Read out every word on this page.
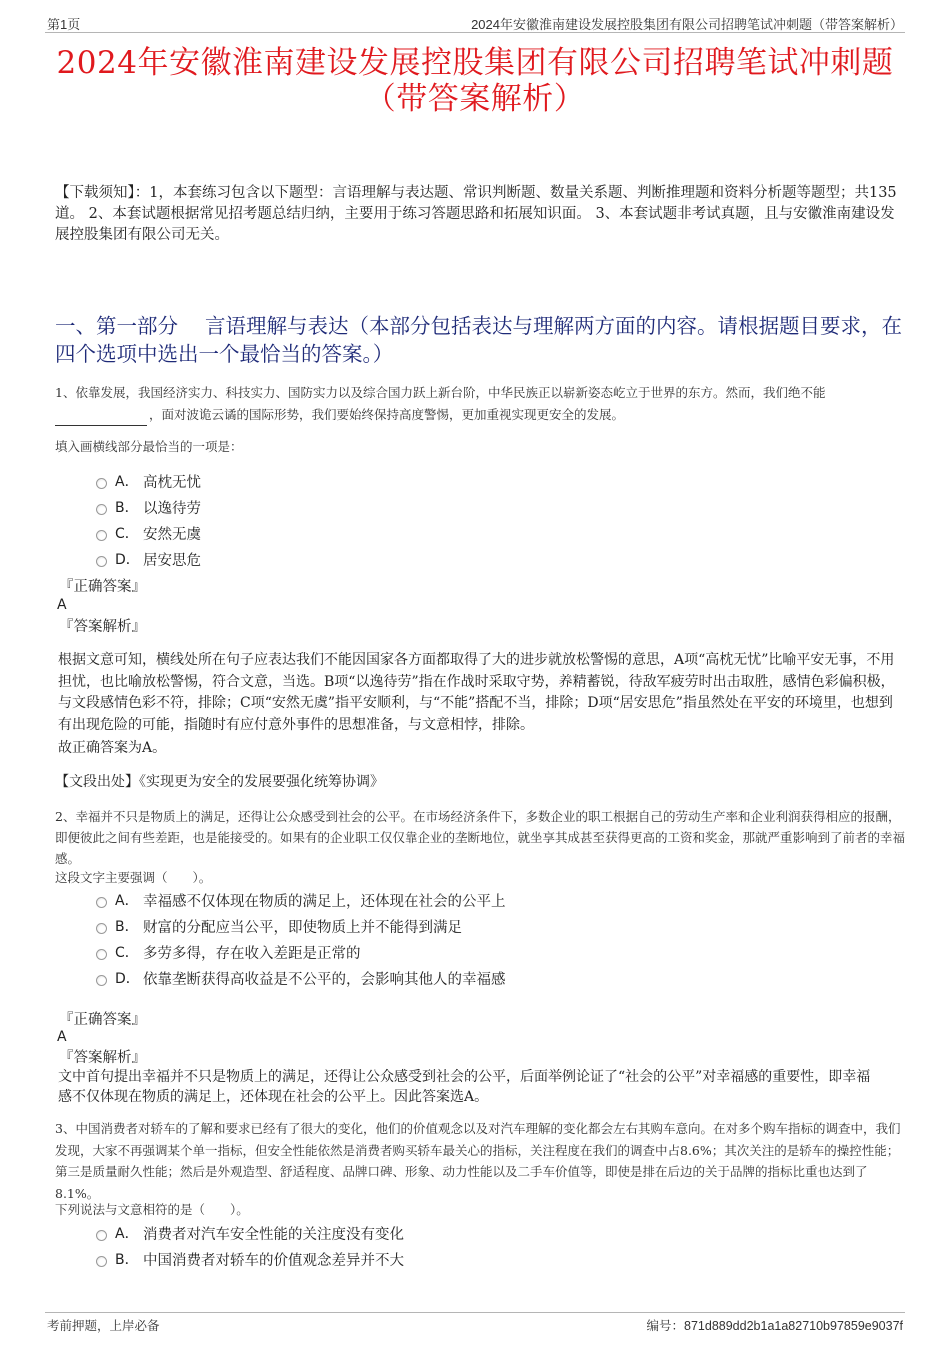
第1页	2024年安徽淮南建设发展控股集团有限公司招聘笔试冲刺题（带答案解析）
2024年安徽淮南建设发展控股集团有限公司招聘笔试冲刺题
（带答案解析）
【下载须知】：1，本套练习包含以下题型：言语理解与表达题、常识判断题、数量关系题、判断推理题和资料分析题等题型；共135道。 2、本套试题根据常见招考题总结归纳，主要用于练习答题思路和拓展知识面。 3、本套试题非考试真题，且与安徽淮南建设发展控股集团有限公司无关。
一、第一部分　 言语理解与表达（本部分包括表达与理解两方面的内容。请根据题目要求，在四个选项中选出一个最恰当的答案。）
1、依靠发展，我国经济实力、科技实力、国防实力以及综合国力跃上新台阶，中华民族正以崭新姿态屹立于世界的东方。然而，我们绝不能
，面对波诡云谲的国际形势，我们要始终保持高度警惕，更加重视实现更安全的发展。
填入画横线部分最恰当的一项是：
A． 高枕无忧
B． 以逸待劳
C． 安然无虞
D． 居安思危
『正确答案』
A
『答案解析』
根据文意可知，横线处所在句子应表达我们不能因国家各方面都取得了大的进步就放松警惕的意思，A项“高枕无忧”比喻平安无事，不用担忧，也比喻放松警惕，符合文意，当选。B项“以逸待劳”指在作战时采取守势，养精蓄锐，待敌军疲劳时出击取胜，感情色彩偏积极，与文段感情色彩不符，排除；C项“安然无虞”指平安顺利，与“不能”搭配不当，排除；D项“居安思危”指虽然处在平安的环境里，也想到有出现危险的可能，指随时有应付意外事件的思想准备，与文意相悖，排除。
故正确答案为A。
【文段出处】《实现更为安全的发展要强化统筹协调》
2、幸福并不只是物质上的满足，还得让公众感受到社会的公平。在市场经济条件下，多数企业的职工根据自己的劳动生产率和企业利润获得相应的报酬，即便彼此之间有些差距，也是能接受的。如果有的企业职工仅仅靠企业的垄断地位，就坐享其成甚至获得更高的工资和奖金，那就严重影响到了前者的幸福感。
这段文字主要强调（　　）。
A． 幸福感不仅体现在物质的满足上，还体现在社会的公平上
B． 财富的分配应当公平，即使物质上并不能得到满足
C． 多劳多得，存在收入差距是正常的
D． 依靠垄断获得高收益是不公平的，会影响其他人的幸福感
『正确答案』
A
『答案解析』
文中首句提出幸福并不只是物质上的满足，还得让公众感受到社会的公平，后面举例论证了“社会的公平”对幸福感的重要性，即幸福感不仅体现在物质的满足上，还体现在社会的公平上。因此答案选A。
3、中国消费者对轿车的了解和要求已经有了很大的变化，他们的价值观念以及对汽车理解的变化都会左右其购车意向。在对多个购车指标的调查中，我们发现，大家不再强调某个单一指标，但安全性能依然是消费者购买轿车最关心的指标，关注程度在我们的调查中占8.6%；其次关注的是轿车的操控性能；第三是质量耐久性能；然后是外观造型、舒适程度、品牌口碑、形象、动力性能以及二手车价值等，即使是排在后边的关于品牌的指标比重也达到了8.1%。
下列说法与文意相符的是（　　）。
A． 消费者对汽车安全性能的关注度没有变化
B． 中国消费者对轿车的价值观念差异并不大
考前押题，上岸必备	编号：871d889dd2b1a1a82710b97859e9037f
